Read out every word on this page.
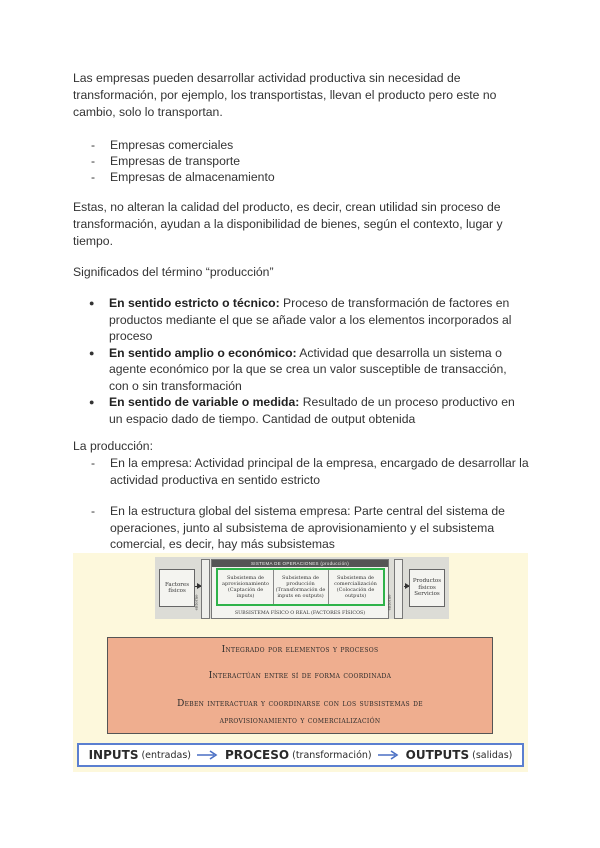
Las empresas pueden desarrollar actividad productiva sin necesidad de transformación, por ejemplo, los transportistas, llevan el producto pero este no cambio, solo lo transportan.

- Empresas comerciales
- Empresas de transporte
- Empresas de almacenamiento

Estas, no alteran la calidad del producto, es decir, crean utilidad sin proceso de transformación, ayudan a la disponibilidad de bienes, según el contexto, lugar y tiempo.

Significados del término “producción”

● En sentido estricto o técnico: Proceso de transformación de factores en productos mediante el que se añade valor a los elementos incorporados al proceso
● En sentido amplio o económico: Actividad que desarrolla un sistema o agente económico por la que se crea un valor susceptible de transacción, con o sin transformación
● En sentido de variable o medida: Resultado de un proceso productivo en un espacio dado de tiempo. Cantidad de output obtenida

La producción:

- En la empresa: Actividad principal de la empresa, encargado de desarrollar la actividad productiva en sentido estricto
- En la estructura global del sistema empresa: Parte central del sistema de operaciones, junto al subsistema de aprovisionamiento y el subsistema comercial, es decir, hay más subsistemas
Factores físicos
entorno
SISTEMA DE OPERACIONES (producción)
Subsistema de aprovisionamiento (Captación de inputs)
Subsistema de producción (Transformación de inputs en outputs)
Subsistema de comercialización (Colocación de outputs)
SUBSISTEMA FÍSICO O REAL (FACTORES FÍSICOS)
entorno
Productos físicos Servicios
Integrado por elementos y procesos
Interactúan entre sí de forma coordinada
Deben interactuar y coordinarse con los subsistemas de
aprovisionamiento y comercialización
INPUTS (entradas)	PROCESO (transformación)	OUTPUTS (salidas)
